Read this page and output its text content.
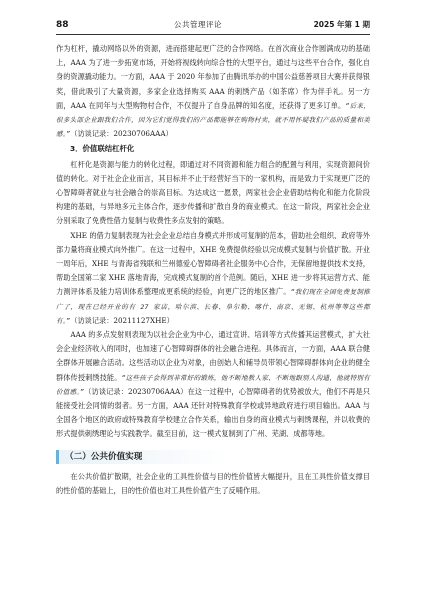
88	公共管理评论	2025 年第 1 期

作为杠杆，撬动网络以外的资源，进而搭建起更广泛的合作网络。在首次商业合作圆满成功的基础上，AAA 为了进一步拓宽市场，开始将视线转向综合性的大型平台，通过与这些平台合作，强化自身的资源撬动能力。一方面，AAA 于 2020 年参加了由腾讯举办的中国公益慈善项目大赛并获得银奖，借此吸引了大量资源，多家企业选择购买 AAA 的刺绣产品（如茶席）作为伴手礼。另一方面，AAA 在同年与大型购物村合作，不仅提升了自身品牌的知名度，还获得了更多订单。“后来，很多头部企业跟我们合作，因为它们觉得我们的产品都能够在购物村卖，就不用怀疑我们产品的质量和美感。”（访谈记录：20230706AAA）

3．价值联结杠杆化

杠杆化是资源与能力的转化过程，即通过对不同资源和能力组合的配置与利用，实现资源间价值的转化。对于社企企业而言，其目标并不止于经营好当下的一家机构，而是致力于实现更广泛的心智障碍者就业与社会融合的崇高目标。为达成这一愿景，两家社会企业借助结构化和能力化阶段构建的基础，与异地多元主体合作，逐步传播和扩散自身的商业模式。在这一阶段，两家社会企业分别采取了免费性借力复制与收费性多点发射的策略。

XHE 的借力复制表现为社会企业总结自身模式并形成可复制的范本，借助社会组织、政府等外部力量将商业模式向外推广。在这一过程中，XHE 免费提供经验以完成模式复制与价值扩散。开业一周年后，XHE 与青海省残联和兰州德爱心智障碍者社企服务中心合作，无保留地提供技术支持，帮助全国第二家 XHE 落地青海，完成模式复制的首个范例。随后，XHE 进一步将其运营方式、能力测评体系及能力培训体系整理成更系统的经验，向更广泛的地区推广。“我们现在全国免费复制推广了，现在已经开业的有 27 家店，哈尔滨、长春、阜尔勒、喀什、南京、无锡、杭州等等这些都有。”（访谈记录：20211127XHE）

AAA 的多点发射则表现为以社会企业为中心，通过宣讲、培训等方式传播其运营模式，扩大社会企业经济收入的同时，也加速了心智障碍群体的社会融合进程。具体而言，一方面，AAA 联合健全群体开展融合活动。这些活动以企业为对象，由创始人和辅导员带领心智障碍群体向企业的健全群体传授刺绣技能。“这些孩子会得到非常好的锻炼，他不断地教人家、不断地跟别人沟通，他就特别有价值感。”（访谈记录：20230706AAA）在这一过程中，心智障碍者的优势被放大，他们不再是只能接受社会同情的弱者。另一方面，AAA 还针对特殊教育学校或异地政府进行项目输出。AAA 与全国各个地区的政府或特殊教育学校建立合作关系，输出自身的商业模式与刺绣课程，并以收费的形式提供刺绣理论与实践教学。截至目前，这一模式复制到了广州、芜湖、成都等地。

（二）公共价值实现

在公共价值扩散期，社会企业的工具性价值与目的性价值皆大幅提升，且在工具性价值支撑目的性价值的基础上，目的性价值也对工具性价值产生了反哺作用。
